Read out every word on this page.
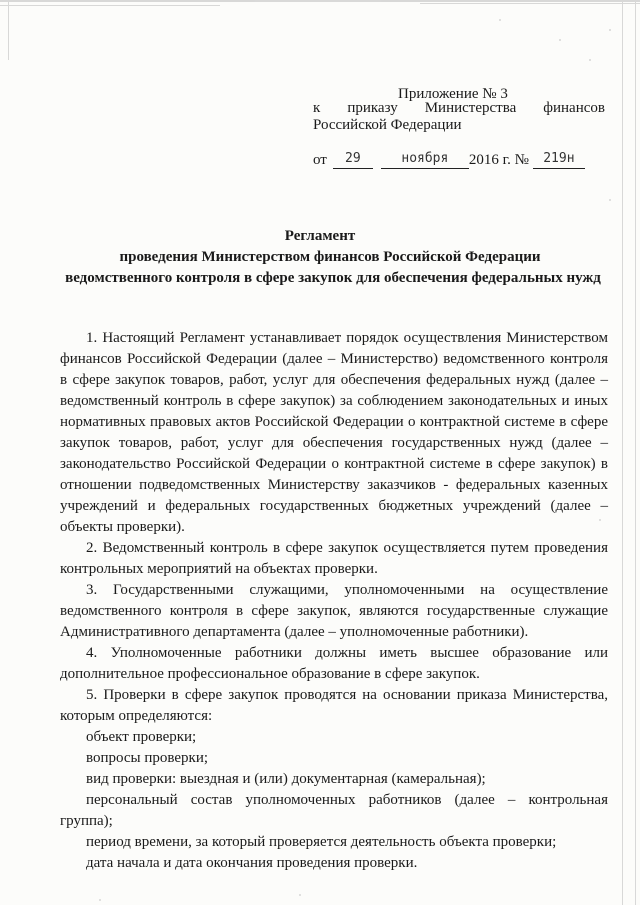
Приложение № 3
к приказу Министерства финансов
Российской Федерации
от	29	ноября	2016 г. №	219н
Регламент
проведения Министерством финансов Российской Федерации
ведомственного контроля в сфере закупок для обеспечения федеральных нужд

1. Настоящий Регламент устанавливает порядок осуществления Министерством финансов Российской Федерации (далее – Министерство) ведомственного контроля в сфере закупок товаров, работ, услуг для обеспечения федеральных нужд (далее – ведомственный контроль в сфере закупок) за соблюдением законодательных и иных нормативных правовых актов Российской Федерации о контрактной системе в сфере закупок товаров, работ, услуг для обеспечения государственных нужд (далее – законодательство Российской Федерации о контрактной системе в сфере закупок) в отношении подведомственных Министерству заказчиков - федеральных казенных учреждений и федеральных государственных бюджетных учреждений (далее – объекты проверки).

2. Ведомственный контроль в сфере закупок осуществляется путем проведения контрольных мероприятий на объектах проверки.

3. Государственными служащими, уполномоченными на осуществление ведомственного контроля в сфере закупок, являются государственные служащие Административного департамента (далее – уполномоченные работники).

4. Уполномоченные работники должны иметь высшее образование или дополнительное профессиональное образование в сфере закупок.

5. Проверки в сфере закупок проводятся на основании приказа Министерства, которым определяются:

объект проверки;

вопросы проверки;

вид проверки: выездная и (или) документарная (камеральная);

персональный состав уполномоченных работников (далее – контрольная группа);

период времени, за который проверяется деятельность объекта проверки;

дата начала и дата окончания проведения проверки.
